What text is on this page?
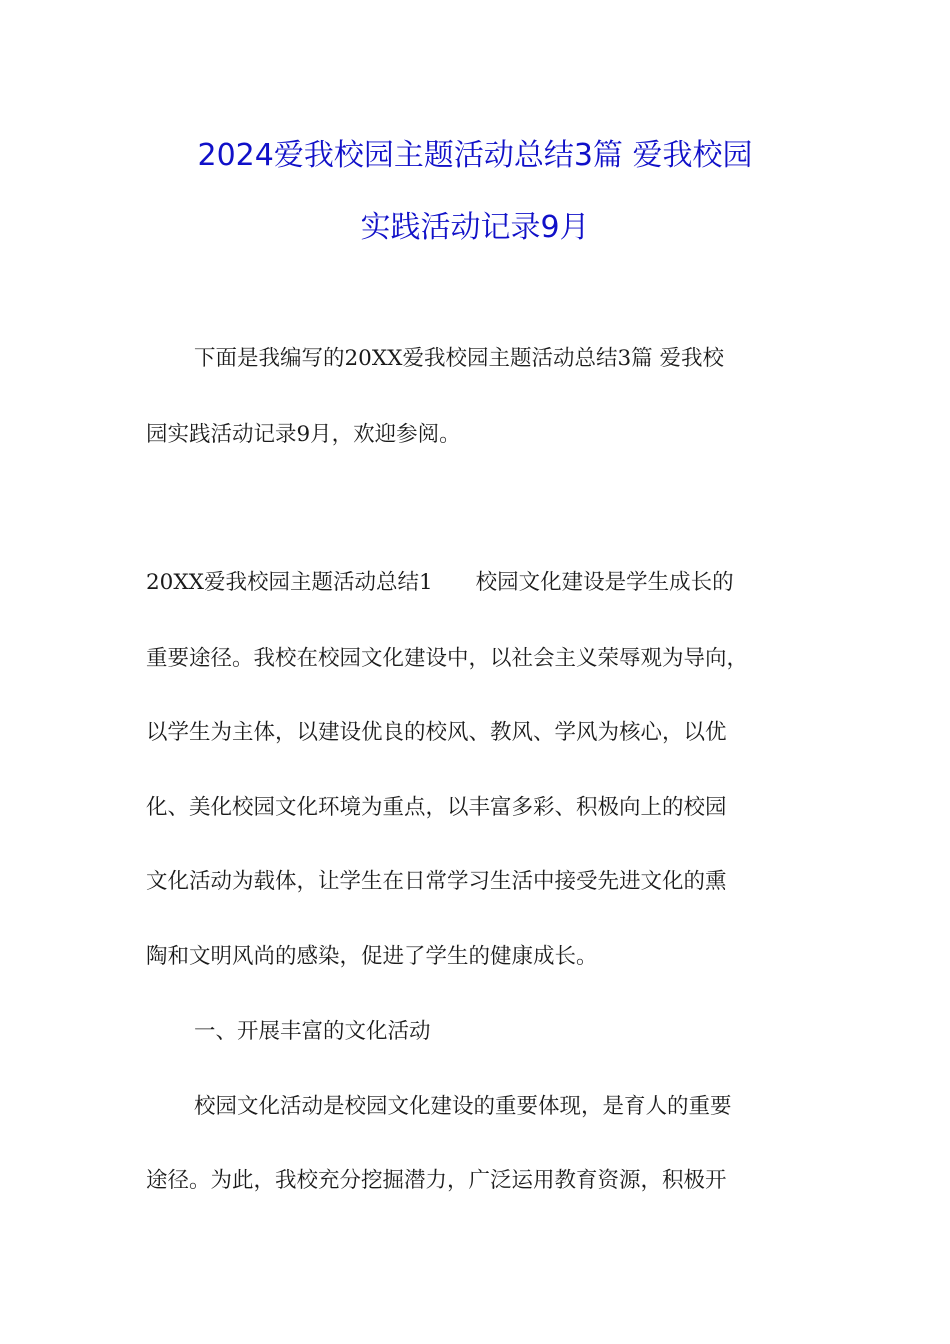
2024爱我校园主题活动总结3篇 爱我校园
实践活动记录9月
下面是我编写的20XX爱我校园主题活动总结3篇 爱我校
园实践活动记录9月，欢迎参阅。
20XX爱我校园主题活动总结1　　校园文化建设是学生成长的
重要途径。我校在校园文化建设中，以社会主义荣辱观为导向，
以学生为主体，以建设优良的校风、教风、学风为核心，以优
化、美化校园文化环境为重点，以丰富多彩、积极向上的校园
文化活动为载体，让学生在日常学习生活中接受先进文化的熏
陶和文明风尚的感染，促进了学生的健康成长。
一、开展丰富的文化活动
校园文化活动是校园文化建设的重要体现，是育人的重要
途径。为此，我校充分挖掘潜力，广泛运用教育资源，积极开
